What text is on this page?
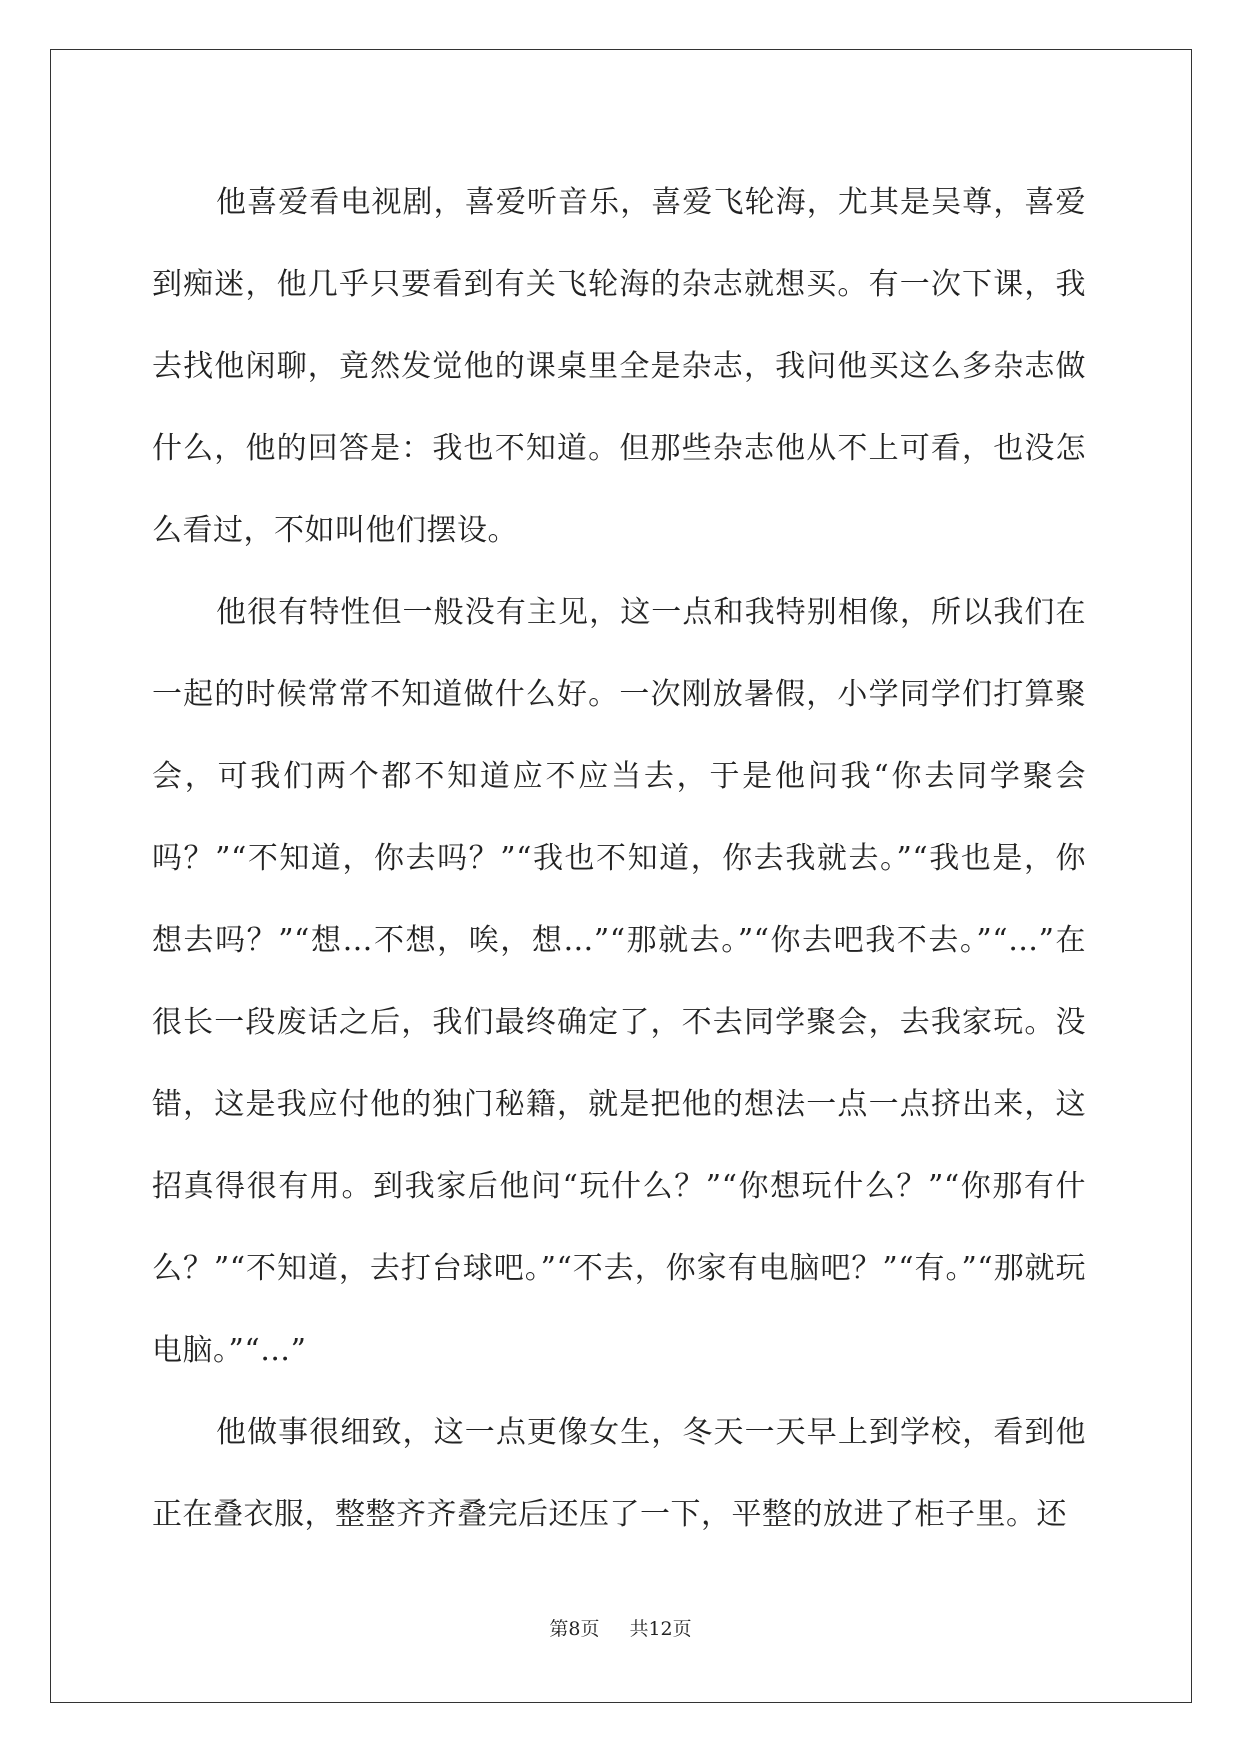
他喜爱看电视剧，喜爱听音乐，喜爱飞轮海，尤其是吴尊，喜爱到痴迷，他几乎只要看到有关飞轮海的杂志就想买。有一次下课，我去找他闲聊，竟然发觉他的课桌里全是杂志，我问他买这么多杂志做什么，他的回答是：我也不知道。但那些杂志他从不上可看，也没怎么看过，不如叫他们摆设。

他很有特性但一般没有主见，这一点和我特别相像，所以我们在一起的时候常常不知道做什么好。一次刚放暑假，小学同学们打算聚会，可我们两个都不知道应不应当去，于是他问我“你去同学聚会吗？”“不知道，你去吗？”“我也不知道，你去我就去。”“我也是，你想去吗？”“想…不想，唉，想…”“那就去。”“你去吧我不去。”“…”在很长一段废话之后，我们最终确定了，不去同学聚会，去我家玩。没错，这是我应付他的独门秘籍，就是把他的想法一点一点挤出来，这招真得很有用。到我家后他问“玩什么？”“你想玩什么？”“你那有什么？”“不知道，去打台球吧。”“不去，你家有电脑吧？”“有。”“那就玩电脑。”“…”

他做事很细致，这一点更像女生，冬天一天早上到学校，看到他正在叠衣服，整整齐齐叠完后还压了一下，平整的放进了柜子里。还

第8页 共12页
